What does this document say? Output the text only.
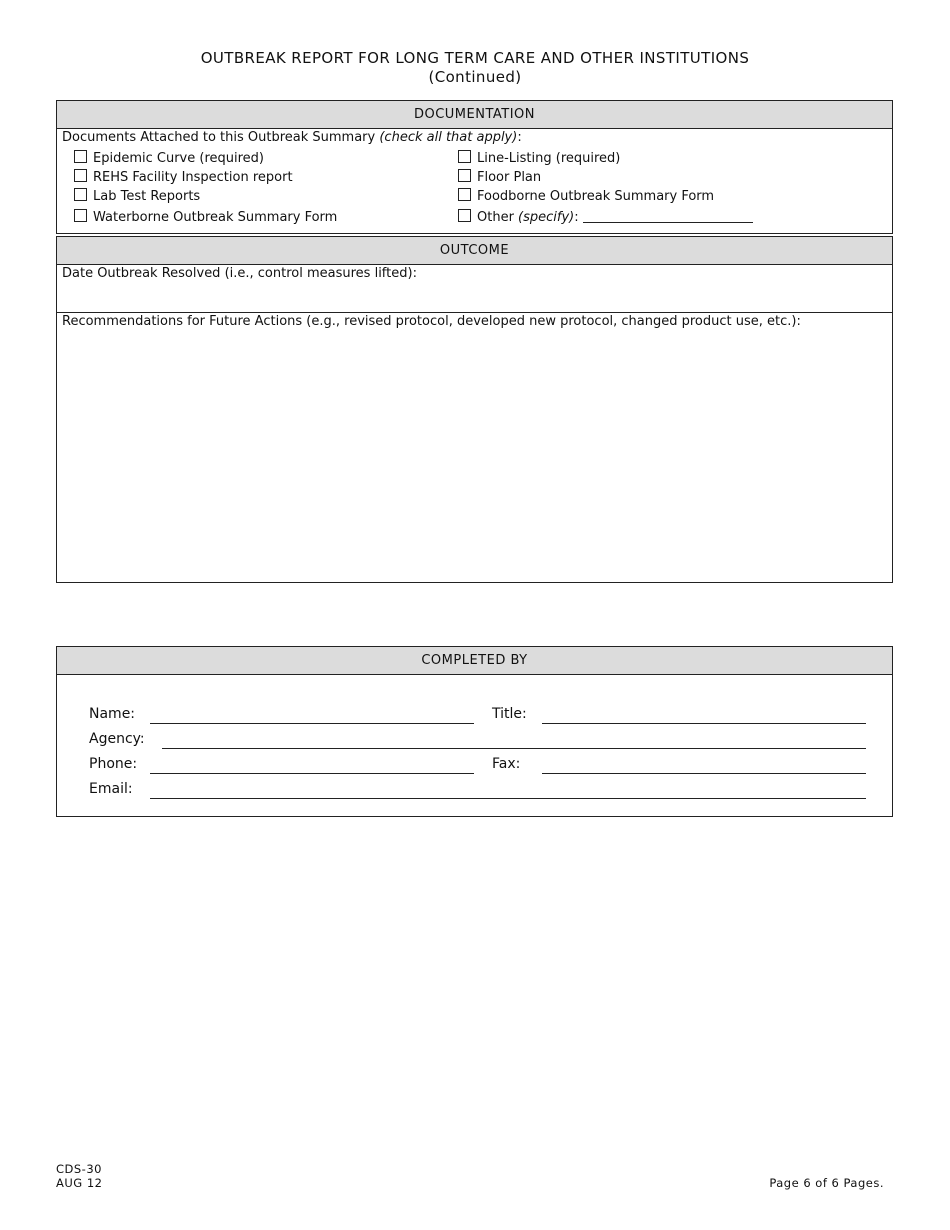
OUTBREAK REPORT FOR LONG TERM CARE AND OTHER INSTITUTIONS
(Continued)
DOCUMENTATION
Documents Attached to this Outbreak Summary (check all that apply):
Epidemic Curve (required)
REHS Facility Inspection report
Lab Test Reports
Waterborne Outbreak Summary Form
Line-Listing (required)
Floor Plan
Foodborne Outbreak Summary Form
Other (specify):
OUTCOME
Date Outbreak Resolved (i.e., control measures lifted):
Recommendations for Future Actions (e.g., revised protocol, developed new protocol, changed product use, etc.):
COMPLETED BY
Name:	Title:
Agency:
Phone:	Fax:
Email:
CDS-30
AUG 12	Page 6 of 6 Pages.
